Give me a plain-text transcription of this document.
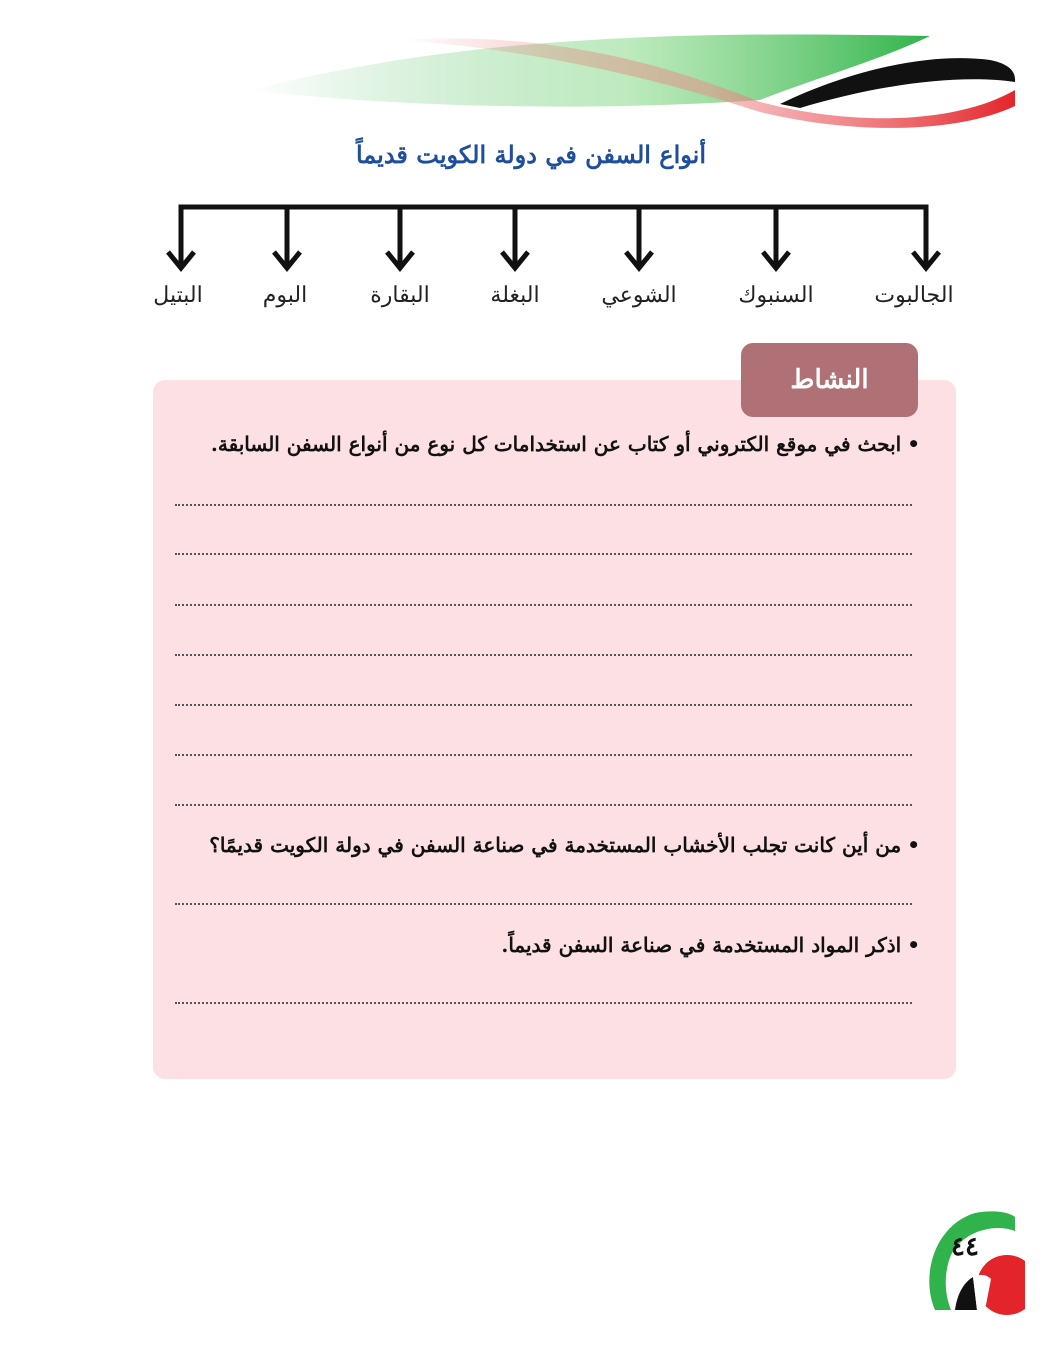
أنواع السفن في دولة الكويت قديماً
الجالبوت
السنبوك
الشوعي
البغلة
البقارة
البوم
البتيل
النشاط
•ابحث في موقع الكتروني أو كتاب عن استخدامات كل نوع من أنواع السفن السابقة.
•من أين كانت تجلب الأخشاب المستخدمة في صناعة السفن في دولة الكويت قديمًا؟
•اذكر المواد المستخدمة في صناعة السفن قديماً.
٤٤
